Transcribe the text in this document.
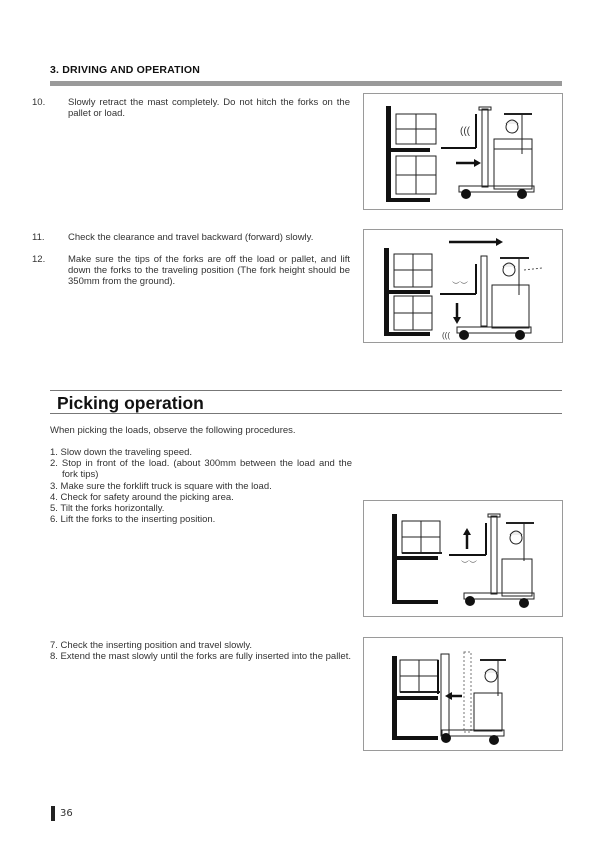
3. DRIVING AND OPERATION
10. Slowly retract the mast completely. Do not hitch the forks on the pallet or load.
(((
11. Check the clearance and travel backward (forward) slowly.
12. Make sure the tips of the forks are off the load or pallet, and lift down the forks to the traveling position (The fork height should be 350mm from the ground).	︶︶
(((
Picking operation
When picking the loads, observe the following procedures.
1. Slow down the traveling speed.
2. Stop in front of the load. (about 300mm between the load and the fork tips)
3. Make sure the forklift truck is square with the load.
4. Check for safety around the picking area.
5. Tilt the forks horizontally.
6. Lift the forks to the inserting position.
︶︶
7. Check the inserting position and travel slowly.
8. Extend the mast slowly until the forks are fully inserted into the pallet.
36
